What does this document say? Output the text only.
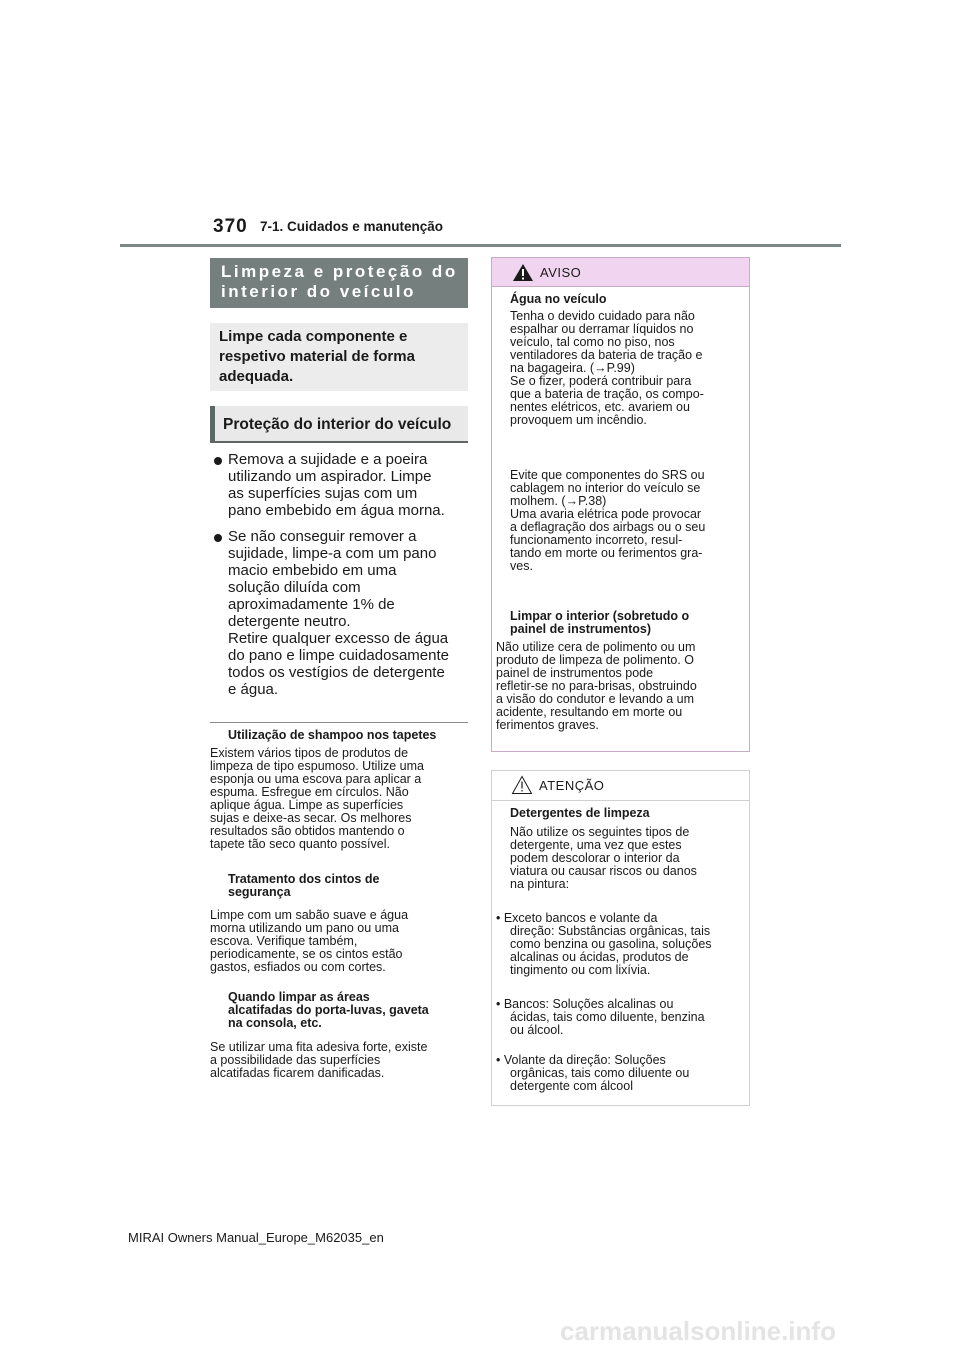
370 7-1. Cuidados e manutenção
Limpeza e proteção do
interior do veículo
Limpe cada componente e
respetivo material de forma
adequada.
Proteção do interior do veículo
Remova a sujidade e a poeira
utilizando um aspirador. Limpe
as superfícies sujas com um
pano embebido em água morna.
Se não conseguir remover a
sujidade, limpe-a com um pano
macio embebido em uma
solução diluída com
aproximadamente 1% de
detergente neutro.
Retire qualquer excesso de água
do pano e limpe cuidadosamente
todos os vestígios de detergente
e água.
Utilização de shampoo nos tapetes
Existem vários tipos de produtos de
limpeza de tipo espumoso. Utilize uma
esponja ou uma escova para aplicar a
espuma. Esfregue em círculos. Não
aplique água. Limpe as superfícies
sujas e deixe-as secar. Os melhores
resultados são obtidos mantendo o
tapete tão seco quanto possível.
Tratamento dos cintos de
segurança
Limpe com um sabão suave e água
morna utilizando um pano ou uma
escova. Verifique também,
periodicamente, se os cintos estão
gastos, esfiados ou com cortes.
Quando limpar as áreas
alcatifadas do porta-luvas, gaveta
na consola, etc.
Se utilizar uma fita adesiva forte, existe
a possibilidade das superfícies
alcatifadas ficarem danificadas.
AVISO
Água no veículo
Tenha o devido cuidado para não
espalhar ou derramar líquidos no
veículo, tal como no piso, nos
ventiladores da bateria de tração e
na bagageira. (→P.99)
Se o fizer, poderá contribuir para
que a bateria de tração, os compo-
nentes elétricos, etc. avariem ou
provoquem um incêndio.
Evite que componentes do SRS ou
cablagem no interior do veículo se
molhem. (→P.38)
Uma avaria elétrica pode provocar
a deflagração dos airbags ou o seu
funcionamento incorreto, resul-
tando em morte ou ferimentos gra-
ves.
Limpar o interior (sobretudo o
painel de instrumentos)
Não utilize cera de polimento ou um
produto de limpeza de polimento. O
painel de instrumentos pode
refletir-se no para-brisas, obstruindo
a visão do condutor e levando a um
acidente, resultando em morte ou
ferimentos graves.
ATENÇÃO
Detergentes de limpeza
Não utilize os seguintes tipos de
detergente, uma vez que estes
podem descolorar o interior da
viatura ou causar riscos ou danos
na pintura:
• Exceto bancos e volante da
direção: Substâncias orgânicas, tais
como benzina ou gasolina, soluções
alcalinas ou ácidas, produtos de
tingimento ou com lixívia.
• Bancos: Soluções alcalinas ou
ácidas, tais como diluente, benzina
ou álcool.
• Volante da direção: Soluções
orgânicas, tais como diluente ou
detergente com álcool
MIRAI Owners Manual_Europe_M62035_en
carmanualsonline.info
